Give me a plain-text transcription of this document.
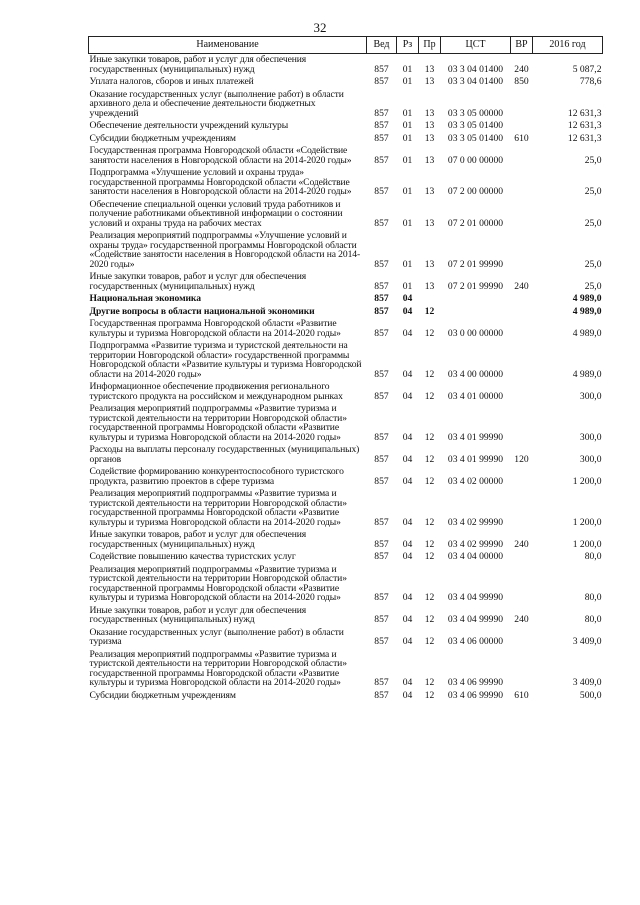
32
Наименование	Вед	Рз	Пр	ЦСТ	ВР	2016 год
Иные закупки товаров, работ и услуг для обеспечения государственных (муниципальных) нужд	857	01	13	03 3 04 01400	240	5 087,2
Уплата налогов, сборов и иных платежей	857	01	13	03 3 04 01400	850	778,6
Оказание государственных услуг (выполнение работ) в области архивного дела и обеспечение деятельности бюджетных учреждений	857	01	13	03 3 05 00000		12 631,3
Обеспечение деятельности учреждений культуры	857	01	13	03 3 05 01400		12 631,3
Субсидии бюджетным учреждениям	857	01	13	03 3 05 01400	610	12 631,3
Государственная программа Новгородской области «Содействие занятости населения в Новгородской области на 2014-2020 годы»	857	01	13	07 0 00 00000		25,0
Подпрограмма «Улучшение условий и охраны труда» государственной программы Новгородской области «Содействие занятости населения в Новгородской области на 2014-2020 годы»	857	01	13	07 2 00 00000		25,0
Обеспечение специальной оценки условий труда работников и получение работниками объективной информации о состоянии условий и охраны труда на рабочих местах	857	01	13	07 2 01 00000		25,0
Реализация мероприятий подпрограммы «Улучшение условий и охраны труда» государственной программы Новгородской области «Содействие занятости населения в Новгородской области на 2014-2020 годы»	857	01	13	07 2 01 99990		25,0
Иные закупки товаров, работ и услуг для обеспечения государственных (муниципальных) нужд	857	01	13	07 2 01 99990	240	25,0
Национальная экономика	857	04				4 989,0
Другие вопросы в области национальной экономики	857	04	12			4 989,0
Государственная программа Новгородской области «Развитие культуры и туризма Новгородской области на 2014-2020 годы»	857	04	12	03 0 00 00000		4 989,0
Подпрограмма «Развитие туризма и туристской деятельности на территории Новгородской области» государственной программы Новгородской области «Развитие культуры и туризма Новгородской области на 2014-2020 годы»	857	04	12	03 4 00 00000		4 989,0
Информационное обеспечение продвижения регионального туристского продукта на российском и международном рынках	857	04	12	03 4 01 00000		300,0
Реализация мероприятий подпрограммы «Развитие туризма и туристской деятельности на территории Новгородской области» государственной программы Новгородской области «Развитие культуры и туризма Новгородской области на 2014-2020 годы»	857	04	12	03 4 01 99990		300,0
Расходы на выплаты персоналу государственных (муниципальных) органов	857	04	12	03 4 01 99990	120	300,0
Содействие формированию конкурентоспособного туристского продукта, развитию проектов в сфере туризма	857	04	12	03 4 02 00000		1 200,0
Реализация мероприятий подпрограммы «Развитие туризма и туристской деятельности на территории Новгородской области» государственной программы Новгородской области «Развитие культуры и туризма Новгородской области на 2014-2020 годы»	857	04	12	03 4 02 99990		1 200,0
Иные закупки товаров, работ и услуг для обеспечения государственных (муниципальных) нужд	857	04	12	03 4 02 99990	240	1 200,0
Содействие повышению качества туристских услуг	857	04	12	03 4 04 00000		80,0
Реализация мероприятий подпрограммы «Развитие туризма и туристской деятельности на территории Новгородской области» государственной программы Новгородской области «Развитие культуры и туризма Новгородской области на 2014-2020 годы»	857	04	12	03 4 04 99990		80,0
Иные закупки товаров, работ и услуг для обеспечения государственных (муниципальных) нужд	857	04	12	03 4 04 99990	240	80,0
Оказание государственных услуг (выполнение работ) в области туризма	857	04	12	03 4 06 00000		3 409,0
Реализация мероприятий подпрограммы «Развитие туризма и туристской деятельности на территории Новгородской области» государственной программы Новгородской области «Развитие культуры и туризма Новгородской области на 2014-2020 годы»	857	04	12	03 4 06 99990		3 409,0
Субсидии бюджетным учреждениям	857	04	12	03 4 06 99990	610	500,0
